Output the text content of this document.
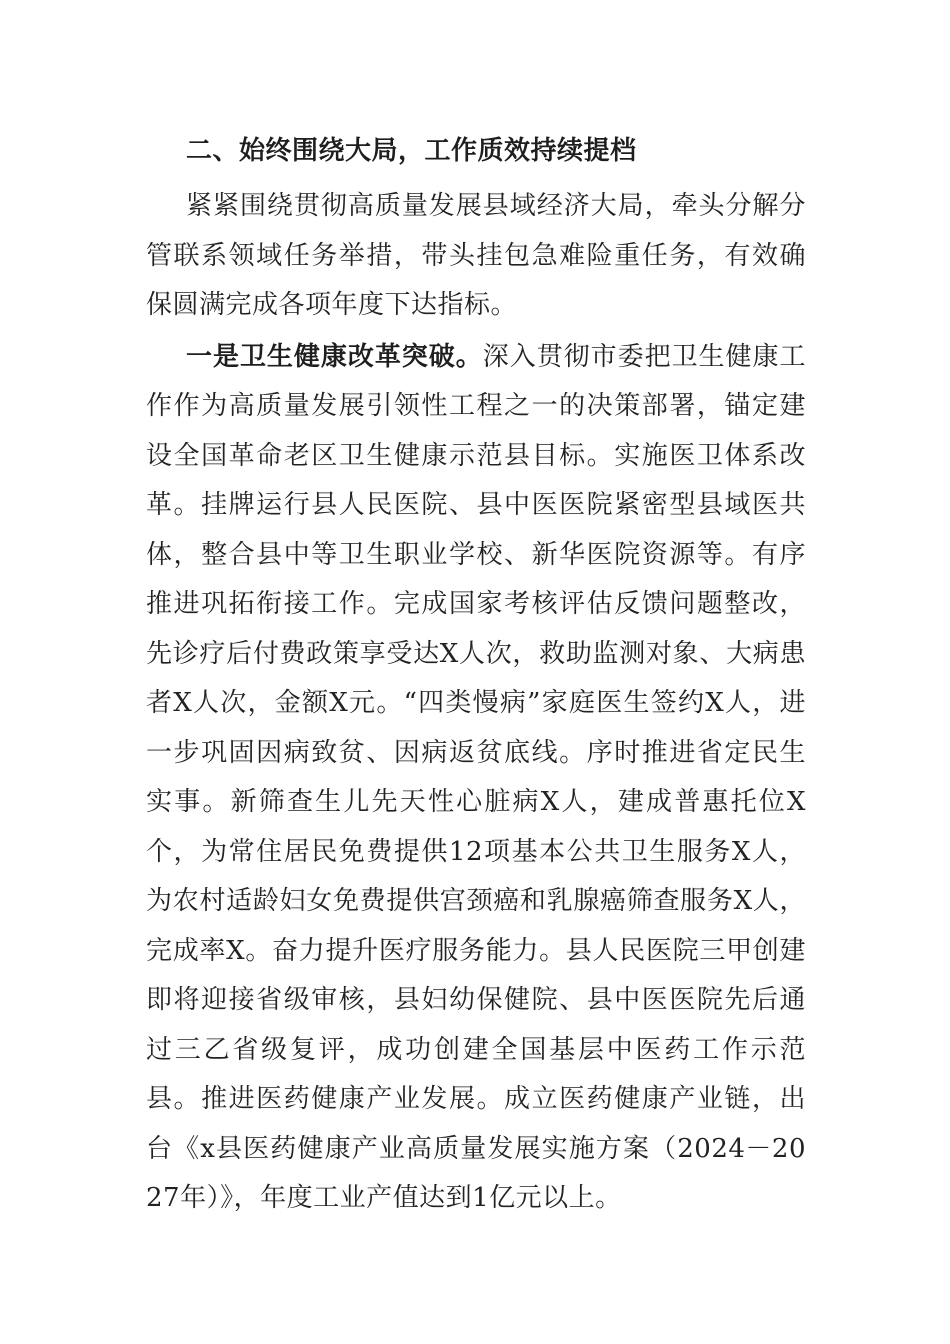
二、始终围绕大局，工作质效持续提档

紧紧围绕贯彻高质量发展县域经济大局，牵头分解分管联系领域任务举措，带头挂包急难险重任务，有效确保圆满完成各项年度下达指标。

一是卫生健康改革突破。深入贯彻市委把卫生健康工作作为高质量发展引领性工程之一的决策部署，锚定建设全国革命老区卫生健康示范县目标。实施医卫体系改革。挂牌运行县人民医院、县中医医院紧密型县域医共体，整合县中等卫生职业学校、新华医院资源等。有序推进巩拓衔接工作。完成国家考核评估反馈问题整改，先诊疗后付费政策享受达X人次，救助监测对象、大病患者X人次，金额X元。“四类慢病”家庭医生签约X人，进一步巩固因病致贫、因病返贫底线。序时推进省定民生实事。新筛查生儿先天性心脏病X人，建成普惠托位X个，为常住居民免费提供12项基本公共卫生服务X人，为农村适龄妇女免费提供宫颈癌和乳腺癌筛查服务X人，完成率X。奋力提升医疗服务能力。县人民医院三甲创建即将迎接省级审核，县妇幼保健院、县中医医院先后通过三乙省级复评，成功创建全国基层中医药工作示范县。推进医药健康产业发展。成立医药健康产业链，出台《x县医药健康产业高质量发展实施方案（2024－2027年）》，年度工业产值达到1亿元以上。
